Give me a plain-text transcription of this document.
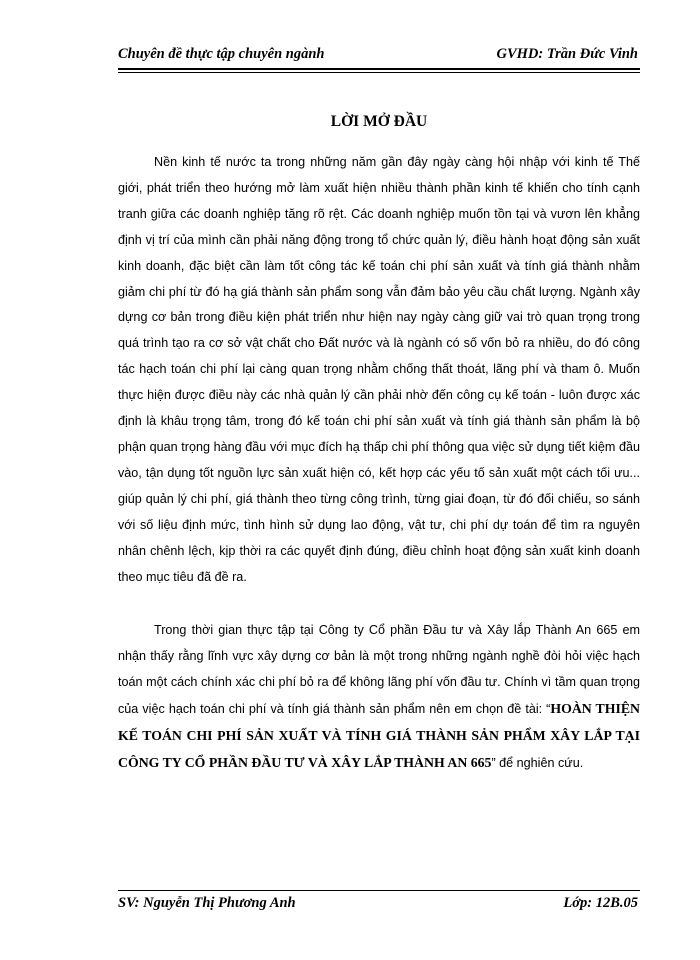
Chuyên đề thực tập chuyên ngành	GVHD: Trần Đức Vinh
LỜI MỞ ĐẦU

Nền kinh tế nước ta trong những năm gần đây ngày càng hội nhập với kinh tế Thế giới, phát triển theo hướng mở làm xuất hiện nhiều thành phần kinh tế khiến cho tính cạnh tranh giữa các doanh nghiệp tăng rõ rệt. Các doanh nghiệp muốn tồn tại và vươn lên khẳng định vị trí của mình cần phải năng động trong tổ chức quản lý, điều hành hoạt động sản xuất kinh doanh, đặc biệt cần làm tốt công tác kế toán chi phí sản xuất và tính giá thành nhằm giảm chi phí từ đó hạ giá thành sản phẩm song vẫn đảm bảo yêu cầu chất lượng. Ngành xây dựng cơ bản trong điều kiện phát triển như hiện nay ngày càng giữ vai trò quan trọng trong quá trình tạo ra cơ sở vật chất cho Đất nước và là ngành có số vốn bỏ ra nhiều, do đó công tác hạch toán chi phí lại càng quan trọng nhằm chống thất thoát, lãng phí và tham ô. Muốn thực hiện được điều này các nhà quản lý cần phải nhờ đến công cụ kế toán - luôn được xác định là khâu trọng tâm, trong đó kế toán chi phí sản xuất và tính giá thành sản phẩm là bộ phận quan trọng hàng đầu với mục đích hạ thấp chi phí thông qua việc sử dụng tiết kiệm đầu vào, tận dụng tốt nguồn lực sản xuất hiện có, kết hợp các yếu tố sản xuất một cách tối ưu... giúp quản lý chi phí, giá thành theo từng công trình, từng giai đoạn, từ đó đối chiếu, so sánh với số liệu định mức, tình hình sử dụng lao động, vật tư, chi phí dự toán để tìm ra nguyên nhân chênh lệch, kịp thời ra các quyết định đúng, điều chỉnh hoạt động sản xuất kinh doanh theo mục tiêu đã đề ra.

Trong thời gian thực tập tại Công ty Cổ phần Đầu tư và Xây lắp Thành An 665 em nhận thấy rằng lĩnh vực xây dựng cơ bản là một trong những ngành nghề đòi hỏi việc hạch toán một cách chính xác chi phí bỏ ra để không lãng phí vốn đầu tư. Chính vì tầm quan trọng của việc hạch toán chi phí và tính giá thành sản phẩm nên em chọn đề tài: “HOÀN THIỆN KẾ TOÁN CHI PHÍ SẢN XUẤT VÀ TÍNH GIÁ THÀNH SẢN PHẨM XÂY LẮP TẠI CÔNG TY CỔ PHẦN ĐẦU TƯ VÀ XÂY LẮP THÀNH AN 665” để nghiên cứu.

SV: Nguyễn Thị Phương Anh	Lớp: 12B.05
